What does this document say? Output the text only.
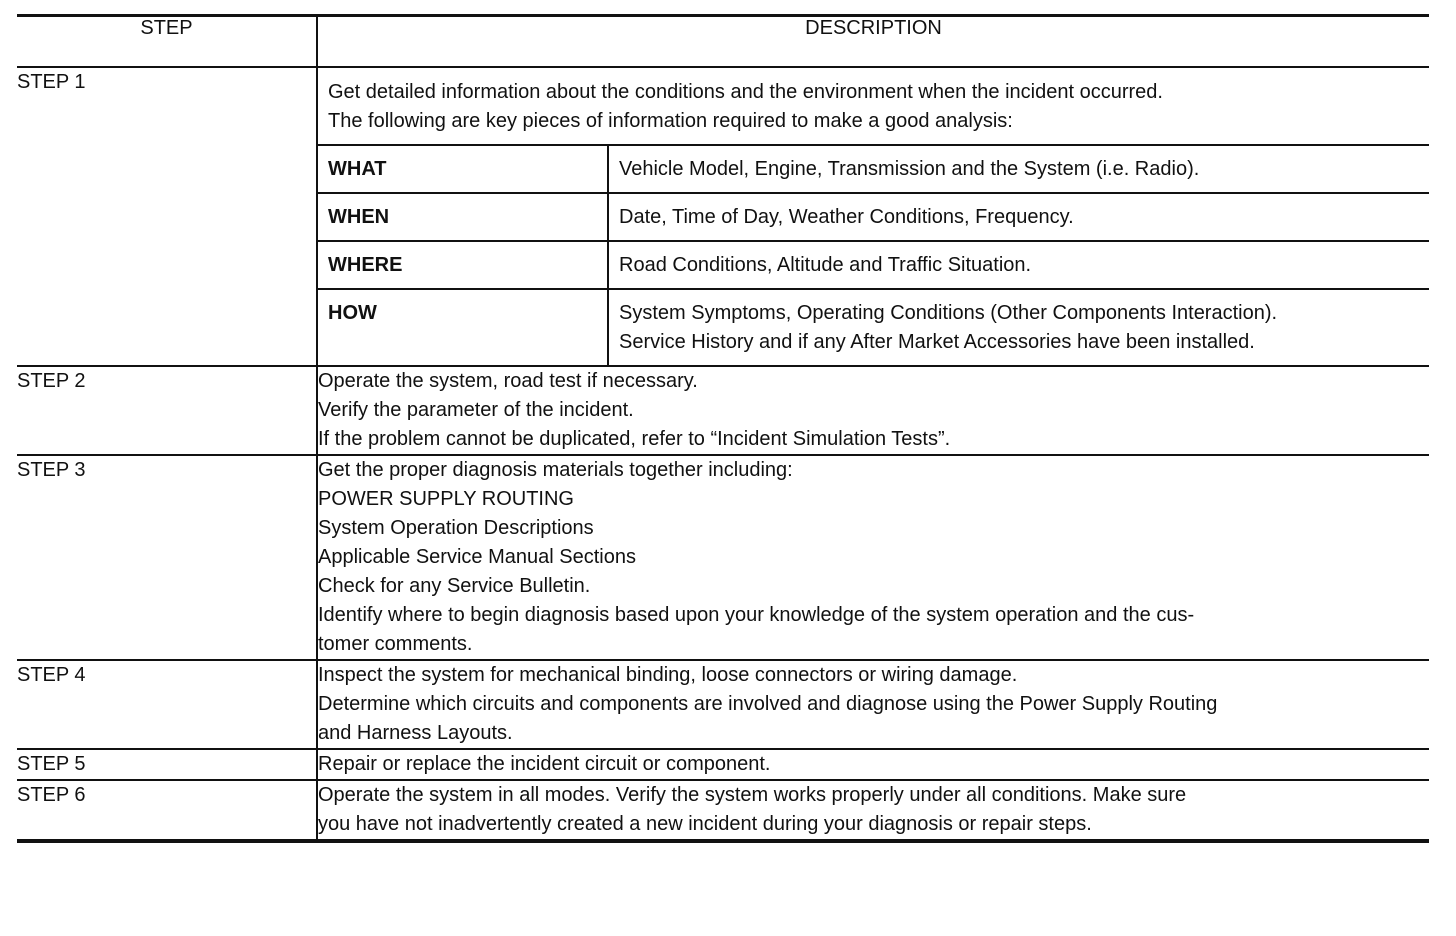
STEP	DESCRIPTION
STEP 1	Get detailed information about the conditions and the environment when the incident occurred.
The following are key pieces of information required to make a good analysis:
WHAT	Vehicle Model, Engine, Transmission and the System (i.e. Radio).

WHEN	Date, Time of Day, Weather Conditions, Frequency.

WHERE	Road Conditions, Altitude and Traffic Situation.

HOW	System Symptoms, Operating Conditions (Other Components Interaction).
Service History and if any After Market Accessories have been installed.

STEP 2	Operate the system, road test if necessary.
Verify the parameter of the incident.
If the problem cannot be duplicated, refer to “Incident Simulation Tests”.

STEP 3	Get the proper diagnosis materials together including:
POWER SUPPLY ROUTING
System Operation Descriptions
Applicable Service Manual Sections
Check for any Service Bulletin.
Identify where to begin diagnosis based upon your knowledge of the system operation and the cus-
tomer comments.

STEP 4	Inspect the system for mechanical binding, loose connectors or wiring damage.
Determine which circuits and components are involved and diagnose using the Power Supply Routing
and Harness Layouts.

STEP 5	Repair or replace the incident circuit or component.

STEP 6	Operate the system in all modes. Verify the system works properly under all conditions. Make sure
you have not inadvertently created a new incident during your diagnosis or repair steps.
